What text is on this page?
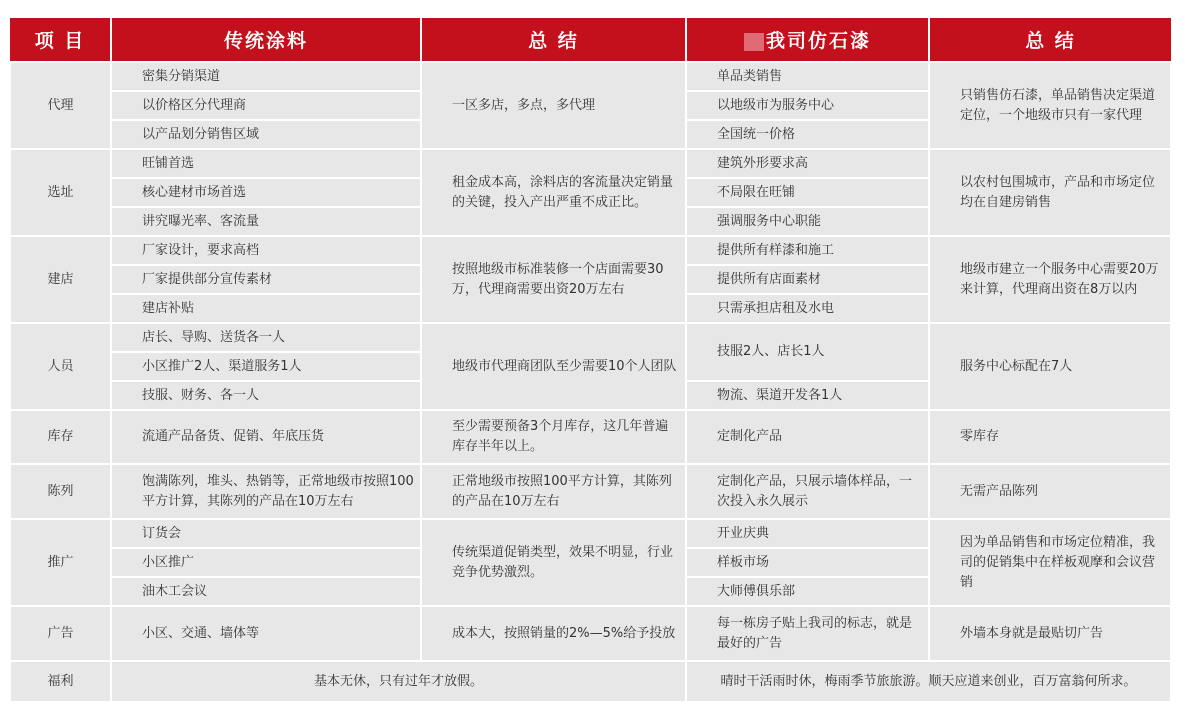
项 目	传统涂料	总 结	我司仿石漆	总 结
代理	密集分销渠道	一区多店，多点，多代理	单品类销售	只销售仿石漆，单品销售决定渠道定位，一个地级市只有一家代理
	以价格区分代理商		以地级市为服务中心	
	以产品划分销售区域		全国统一价格	
选址	旺铺首选	租金成本高，涂料店的客流量决定销量的关键，投入产出严重不成正比。	建筑外形要求高	以农村包围城市，产品和市场定位均在自建房销售
	核心建材市场首选		不局限在旺铺	
	讲究曝光率、客流量		强调服务中心职能	
建店	厂家设计，要求高档	按照地级市标准装修一个店面需要30万，代理商需要出资20万左右	提供所有样漆和施工	地级市建立一个服务中心需要20万来计算，代理商出资在8万以内
	厂家提供部分宣传素材		提供所有店面素材	
	建店补贴		只需承担店租及水电	
人员	店长、导购、送货各一人	地级市代理商团队至少需要10个人团队	技服2人、店长1人	服务中心标配在7人
	小区推广2人、渠道服务1人			
	技服、财务、各一人		物流、渠道开发各1人	
库存	流通产品备货、促销、年底压货	至少需要预备3个月库存，这几年普遍库存半年以上。	定制化产品	零库存
陈列	饱满陈列，堆头、热销等，正常地级市按照100平方计算，其陈列的产品在10万左右	正常地级市按照100平方计算，其陈列的产品在10万左右	定制化产品，只展示墙体样品，一次投入永久展示	无需产品陈列
推广	订货会	传统渠道促销类型，效果不明显，行业竞争优势激烈。	开业庆典	因为单品销售和市场定位精准，我司的促销集中在样板观摩和会议营销
	小区推广		样板市场	
	油木工会议		大师傅俱乐部	
广告	小区、交通、墙体等	成本大，按照销量的2%—5%给予投放	每一栋房子贴上我司的标志，就是最好的广告	外墙本身就是最贴切广告
福利	基本无休，只有过年才放假。		晴时干活雨时休，梅雨季节旅旅游。顺天应道来创业，百万富翁何所求。	
